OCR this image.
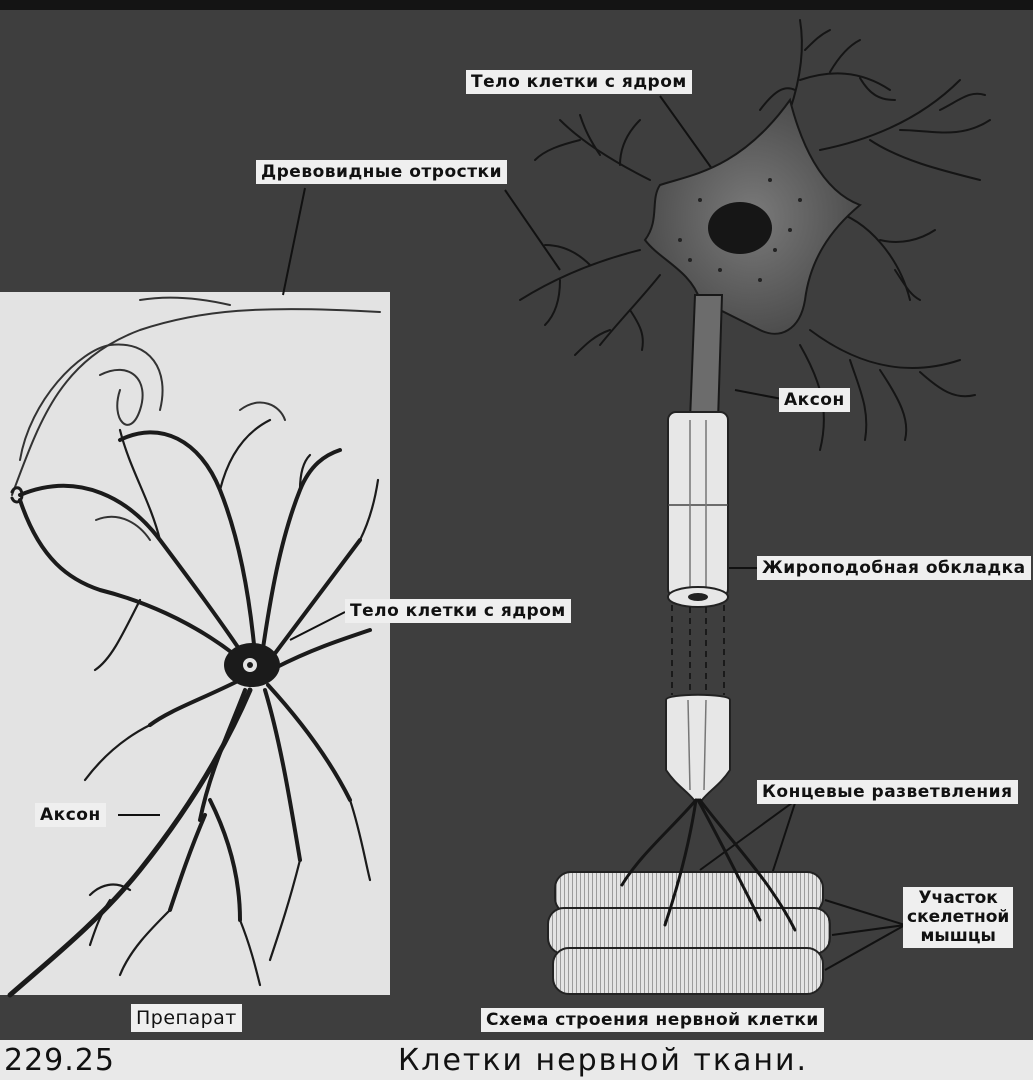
Тело клетки с ядром
Древовидные отростки
Аксон
Жироподобная обкладка
Тело клетки с ядром
Аксон
Концевые разветвления
Участок
скелетной
мышцы
Препарат	Схема строения нервной клетки
229.25	Клетки нервной ткани.
